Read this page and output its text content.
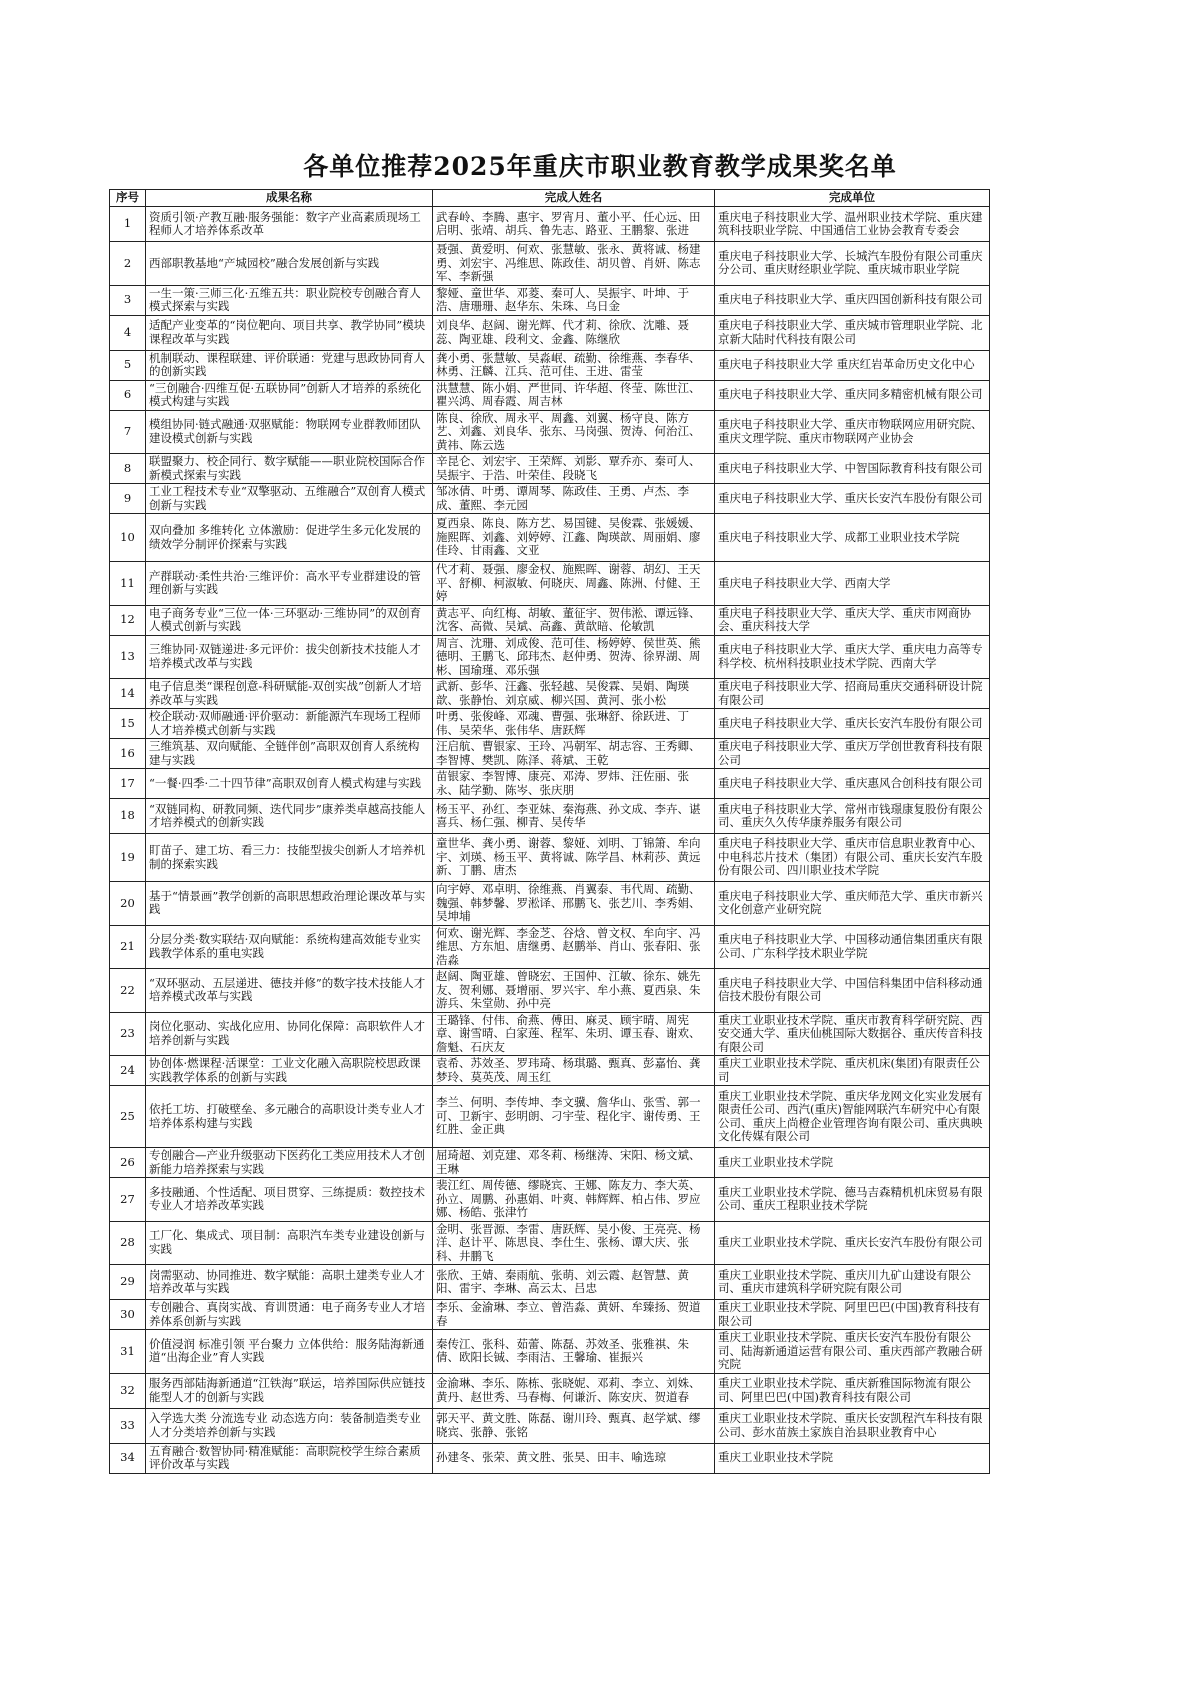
各单位推荐2025年重庆市职业教育教学成果奖名单
序号	成果名称	完成人姓名	完成单位
1	资质引领·产教互融·服务强能：数字产业高素质现场工程师人才培养体系改革	武春岭、李腾、惠宇、罗宵月、董小平、任心远、田启明、张靖、胡兵、鲁先志、路亚、王鹏黎、张进	重庆电子科技职业大学、温州职业技术学院、重庆建筑科技职业学院、中国通信工业协会教育专委会
2	西部职教基地“产城园校”融合发展创新与实践	聂强、黄爱明、何欢、张慧敏、张永、黄将诚、杨建勇、刘宏宇、冯维思、陈政佳、胡贝曾、肖妍、陈志军、李新强	重庆电子科技职业大学、长城汽车股份有限公司重庆分公司、重庆财经职业学院、重庆城市职业学院
3	一生一策·三师三化·五维五共：职业院校专创融合育人模式探索与实践	黎娅、童世华、邓菱、秦可人、吴振宇、叶坤、于浩、唐珊珊、赵华东、朱珠、乌日金	重庆电子科技职业大学、重庆四国创新科技有限公司
4	适配产业变革的“岗位靶向、项目共享、教学协同”模块课程改革与实践	刘良华、赵阔、谢光辉、代才莉、徐欣、沈雕、聂蕊、陶亚雄、段利文、金鑫、陈继欣	重庆电子科技职业大学、重庆城市管理职业学院、北京新大陆时代科技有限公司
5	机制联动、课程联建、评价联通：党建与思政协同育人的创新实践	龚小勇、张慧敏、吴淼岷、疏勤、徐维燕、李春华、林勇、汪麟、江兵、范可佳、王进、雷莹	重庆电子科技职业大学 重庆红岩革命历史文化中心
6	“三创融合·四维互促·五联协同”创新人才培养的系统化模式构建与实践	洪慧慧、陈小娟、严世同、许华超、佟莹、陈世江、瞿兴鸿、周春霞、周吉林	重庆电子科技职业大学、重庆同多精密机械有限公司
7	模组协同·链式融通·双驱赋能：物联网专业群教师团队建设模式创新与实践	陈良、徐欣、周永平、周鑫、刘翼、杨守良、陈方艺、刘鑫、刘良华、张东、马岗强、贺涛、何治江、黄祎、陈云选	重庆电子科技职业大学、重庆市物联网应用研究院、重庆文理学院、重庆市物联网产业协会
8	联盟聚力、校企同行、数字赋能——职业院校国际合作新模式探索与实践	辛昆仑、刘宏宇、王荣辉、刘影、覃乔亦、秦可人、吴振宇、于浩、叶荣佳、段晓飞	重庆电子科技职业大学、中智国际教育科技有限公司
9	工业工程技术专业“双擎驱动、五维融合”双创育人模式创新与实践	邹冰倩、叶勇、谭周琴、陈政佳、王勇、卢杰、李成、董熙、李元园	重庆电子科技职业大学、重庆长安汽车股份有限公司
10	双向叠加 多维转化 立体激励：促进学生多元化发展的绩效学分制评价探索与实践	夏西泉、陈良、陈方艺、易国键、吴俊霖、张媛媛、施熙晖、刘鑫、刘婷婷、江鑫、陶瑛歆、周丽娟、廖佳玲、甘雨鑫、文亚	重庆电子科技职业大学、成都工业职业技术学院
11	产群联动·柔性共治·三维评价：高水平专业群建设的管理创新与实践	代才莉、聂强、廖金权、施熙晖、谢蓉、胡幻、王天平、舒柳、柯淑敏、何晓庆、周鑫、陈洲、付健、王婷	重庆电子科技职业大学、西南大学
12	电子商务专业“三位一体·三环驱动·三维协同”的双创育人模式创新与实践	黄志平、向红梅、胡敏、董征宇、贺伟淞、谭远锋、沈客、高微、吴斌、高鑫、黄歆暗、伦敏凯	重庆电子科技职业大学、重庆大学、重庆市网商协会、重庆科技大学
13	三维协同·双链递进·多元评价：拔尖创新技术技能人才培养模式改革与实践	周言、沈珊、刘成俊、范可佳、杨婷婷、侯世英、熊德明、王鹏飞、邱玮杰、赵仲勇、贺涛、徐界湖、周彬、国瑜瑾、邓乐强	重庆电子科技职业大学、重庆大学、重庆电力高等专科学校、杭州科技职业技术学院、西南大学
14	电子信息类“课程创意-科研赋能-双创实战”创新人才培养改革与实践	武新、彭华、汪鑫、张轻越、吴俊霖、吴娟、陶瑛歆、张静怡、刘京威、柳兴国、黄河、张小松	重庆电子科技职业大学、招商局重庆交通科研设计院有限公司
15	校企联动·双师融通·评价驱动：新能源汽车现场工程师人才培养模式创新与实践	叶勇、张俊峰、邓魂、曹强、张琳舒、徐跃进、丁伟、吴荣华、张伟华、唐跃辉	重庆电子科技职业大学、重庆长安汽车股份有限公司
16	三维筑基、双向赋能、全链伴创”高职双创育人系统构建与实践	汪启航、曹银家、王玲、冯朝军、胡志容、王秀卿、李智博、樊凯、陈泽、蒋斌、王乾	重庆电子科技职业大学、重庆万学创世教育科技有限公司
17	“一餐·四季·二十四节律”高职双创育人模式构建与实践	苗银家、李智博、康亮、邓涛、罗炜、汪佐丽、张永、陆学勤、陈岑、张庆朋	重庆电子科技职业大学、重庆惠风合创科技有限公司
18	“双链同构、研教同频、迭代同步”康养类卓越高技能人才培养模式的创新实践	杨玉平、孙红、李亚妹、秦海燕、孙文成、李卉、谌喜兵、杨仁强、柳青、吴传华	重庆电子科技职业大学、常州市钱璟康复股份有限公司、重庆久久传华康养服务有限公司
19	盯苗子、建工坊、看三力：技能型拔尖创新人才培养机制的探索实践	童世华、龚小勇、谢蓉、黎娅、刘明、丁锦箫、牟向宇、刘瑛、杨玉平、黄将诚、陈学昌、林莉莎、黄远新、丁鹏、唐杰	重庆电子科技职业大学、重庆市信息职业教育中心、中电科芯片技术（集团）有限公司、重庆长安汽车股份有限公司、四川职业技术学院
20	基于“情景画”教学创新的高职思想政治理论课改革与实践	向宇婷、邓卓明、徐维燕、肖翼泰、韦代周、疏勤、魏强、韩梦馨、罗淞译、邢鹏飞、张艺川、李秀娟、吴坤埔	重庆电子科技职业大学、重庆师范大学、重庆市新兴文化创意产业研究院
21	分层分类·数实联结·双向赋能：系统构建高效能专业实践教学体系的重电实践	何欢、谢光辉、李金芝、谷焓、曾文权、牟向宇、冯维思、方东旭、唐继勇、赵鹏举、肖山、张春阳、张浩淼	重庆电子科技职业大学、中国移动通信集团重庆有限公司、广东科学技术职业学院
22	“双环驱动、五层递进、德技并修”的数字技术技能人才培养模式改革与实践	赵阔、陶亚雄、曾晓宏、王国仲、江敏、徐东、姚先友、贺利娜、聂增丽、罗兴宇、牟小燕、夏西泉、朱游兵、朱堂勋、孙中亮	重庆电子科技职业大学、中国信科集团中信科移动通信技术股份有限公司
23	岗位化驱动、实战化应用、协同化保障：高职软件人才培养创新与实践	王璐锋、付伟、俞燕、傅田、麻灵、顾宇晴、周宪章、谢雪晴、白家莲、程军、朱玥、谭玉春、谢欢、詹魁、石庆友	重庆工业职业技术学院、重庆市教育科学研究院、西安交通大学、重庆仙桃国际大数据谷、重庆传音科技有限公司
24	协创体·燃课程·活课堂：工业文化融入高职院校思政课实践教学体系的创新与实践	袁希、苏效圣、罗玮琦、杨琪璐、甄真、彭嘉怡、龚梦玲、莫英茂、周玉红	重庆工业职业技术学院、重庆机床(集团)有限责任公司
25	依托工坊、打破壁垒、多元融合的高职设计类专业人才培养体系构建与实践	李兰、何明、李传坤、李文骥、詹华山、张雪、郭一可、卫新宇、彭明朗、刁宇莹、程化宇、谢传勇、王红胜、金正典	重庆工业职业技术学院、重庆华龙网文化实业发展有限责任公司、西汽(重庆)智能网联汽车研究中心有限公司、重庆上尚橙企业管理咨询有限公司、重庆典映文化传媒有限公司
26	专创融合—产业升级驱动下医药化工类应用技术人才创新能力培养探索与实践	屈琦超、刘克建、邓冬莉、杨继涛、宋阳、杨文斌、王琳	重庆工业职业技术学院
27	多技融通、个性适配、项目贯穿、三练提质：数控技术专业人才培养改革实践	裴江红、周传德、缪晓宾、王娜、陈友力、李大英、孙立、周鹏、孙惠娟、叶爽、韩辉辉、柏占伟、罗应娜、杨皓、张津竹	重庆工业职业技术学院、德马吉森精机机床贸易有限公司、重庆工程职业技术学院
28	工厂化、集成式、项目制：高职汽车类专业建设创新与实践	金明、张晋源、李雷、唐跃辉、吴小俊、王亮亮、杨洋、赵计平、陈思良、李仕生、张杨、谭大庆、张科、井鹏飞	重庆工业职业技术学院、重庆长安汽车股份有限公司
29	岗需驱动、协同推进、数字赋能：高职土建类专业人才培养改革与实践	张欣、王婧、秦雨航、张萌、刘云霞、赵智慧、黄阳、雷宇、李琳、高云太、吕忠	重庆工业职业技术学院、重庆川九矿山建设有限公司、重庆市建筑科学研究院有限公司
30	专创融合、真岗实战、育训贯通：电子商务专业人才培养体系创新与实践	李乐、金渝琳、李立、曾浩淼、黄妍、牟臻扬、贺道春	重庆工业职业技术学院、阿里巴巴(中国)教育科技有限公司
31	价值浸润 标准引领 平台聚力 立体供给：服务陆海新通道“出海企业”育人实践	秦传江、张科、茹蕾、陈磊、苏效圣、张雅祺、朱倩、欧阳长铖、李雨洁、王馨瑜、崔振兴	重庆工业职业技术学院、重庆长安汽车股份有限公司、陆海新通道运营有限公司、重庆西部产教融合研究院
32	服务西部陆海新通道“江铁海”联运，培养国际供应链技能型人才的创新与实践	金渝琳、李乐、陈栋、张晓妮、邓莉、李立、刘姝、黄丹、赵世秀、马春梅、何谦沂、陈安庆、贺道春	重庆工业职业技术学院、重庆新雅国际物流有限公司、阿里巴巴(中国)教育科技有限公司
33	入学选大类 分流选专业 动态选方向：装备制造类专业人才分类培养创新与实践	郭天平、黄文胜、陈磊、谢川玲、甄真、赵学斌、缪晓宾、张静、张铭	重庆工业职业技术学院、重庆长安凯程汽车科技有限公司、彭水苗族土家族自治县职业教育中心
34	五育融合·数智协同·精准赋能：高职院校学生综合素质评价改革与实践	孙建冬、张荣、黄文胜、张昊、田丰、喻选琼	重庆工业职业技术学院
